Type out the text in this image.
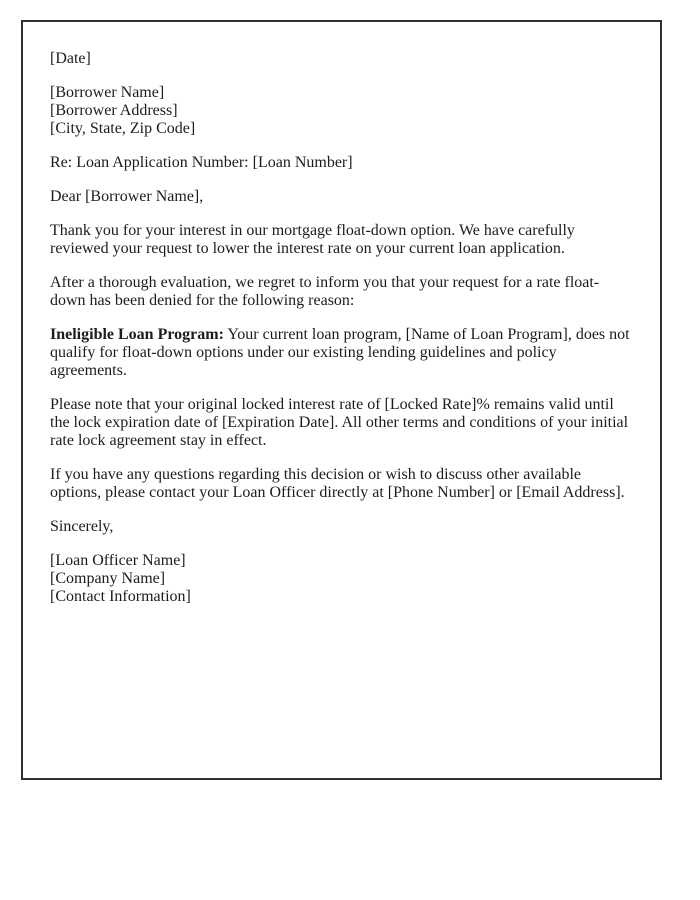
[Date]
[Borrower Name]
[Borrower Address]
[City, State, Zip Code]
Re: Loan Application Number: [Loan Number]
Dear [Borrower Name],
Thank you for your interest in our mortgage float-down option. We have carefully
reviewed your request to lower the interest rate on your current loan application.
After a thorough evaluation, we regret to inform you that your request for a rate float-
down has been denied for the following reason:
Ineligible Loan Program: Your current loan program, [Name of Loan Program], does not
qualify for float-down options under our existing lending guidelines and policy
agreements.
Please note that your original locked interest rate of [Locked Rate]% remains valid until
the lock expiration date of [Expiration Date]. All other terms and conditions of your initial
rate lock agreement stay in effect.
If you have any questions regarding this decision or wish to discuss other available
options, please contact your Loan Officer directly at [Phone Number] or [Email Address].
Sincerely,
[Loan Officer Name]
[Company Name]
[Contact Information]
